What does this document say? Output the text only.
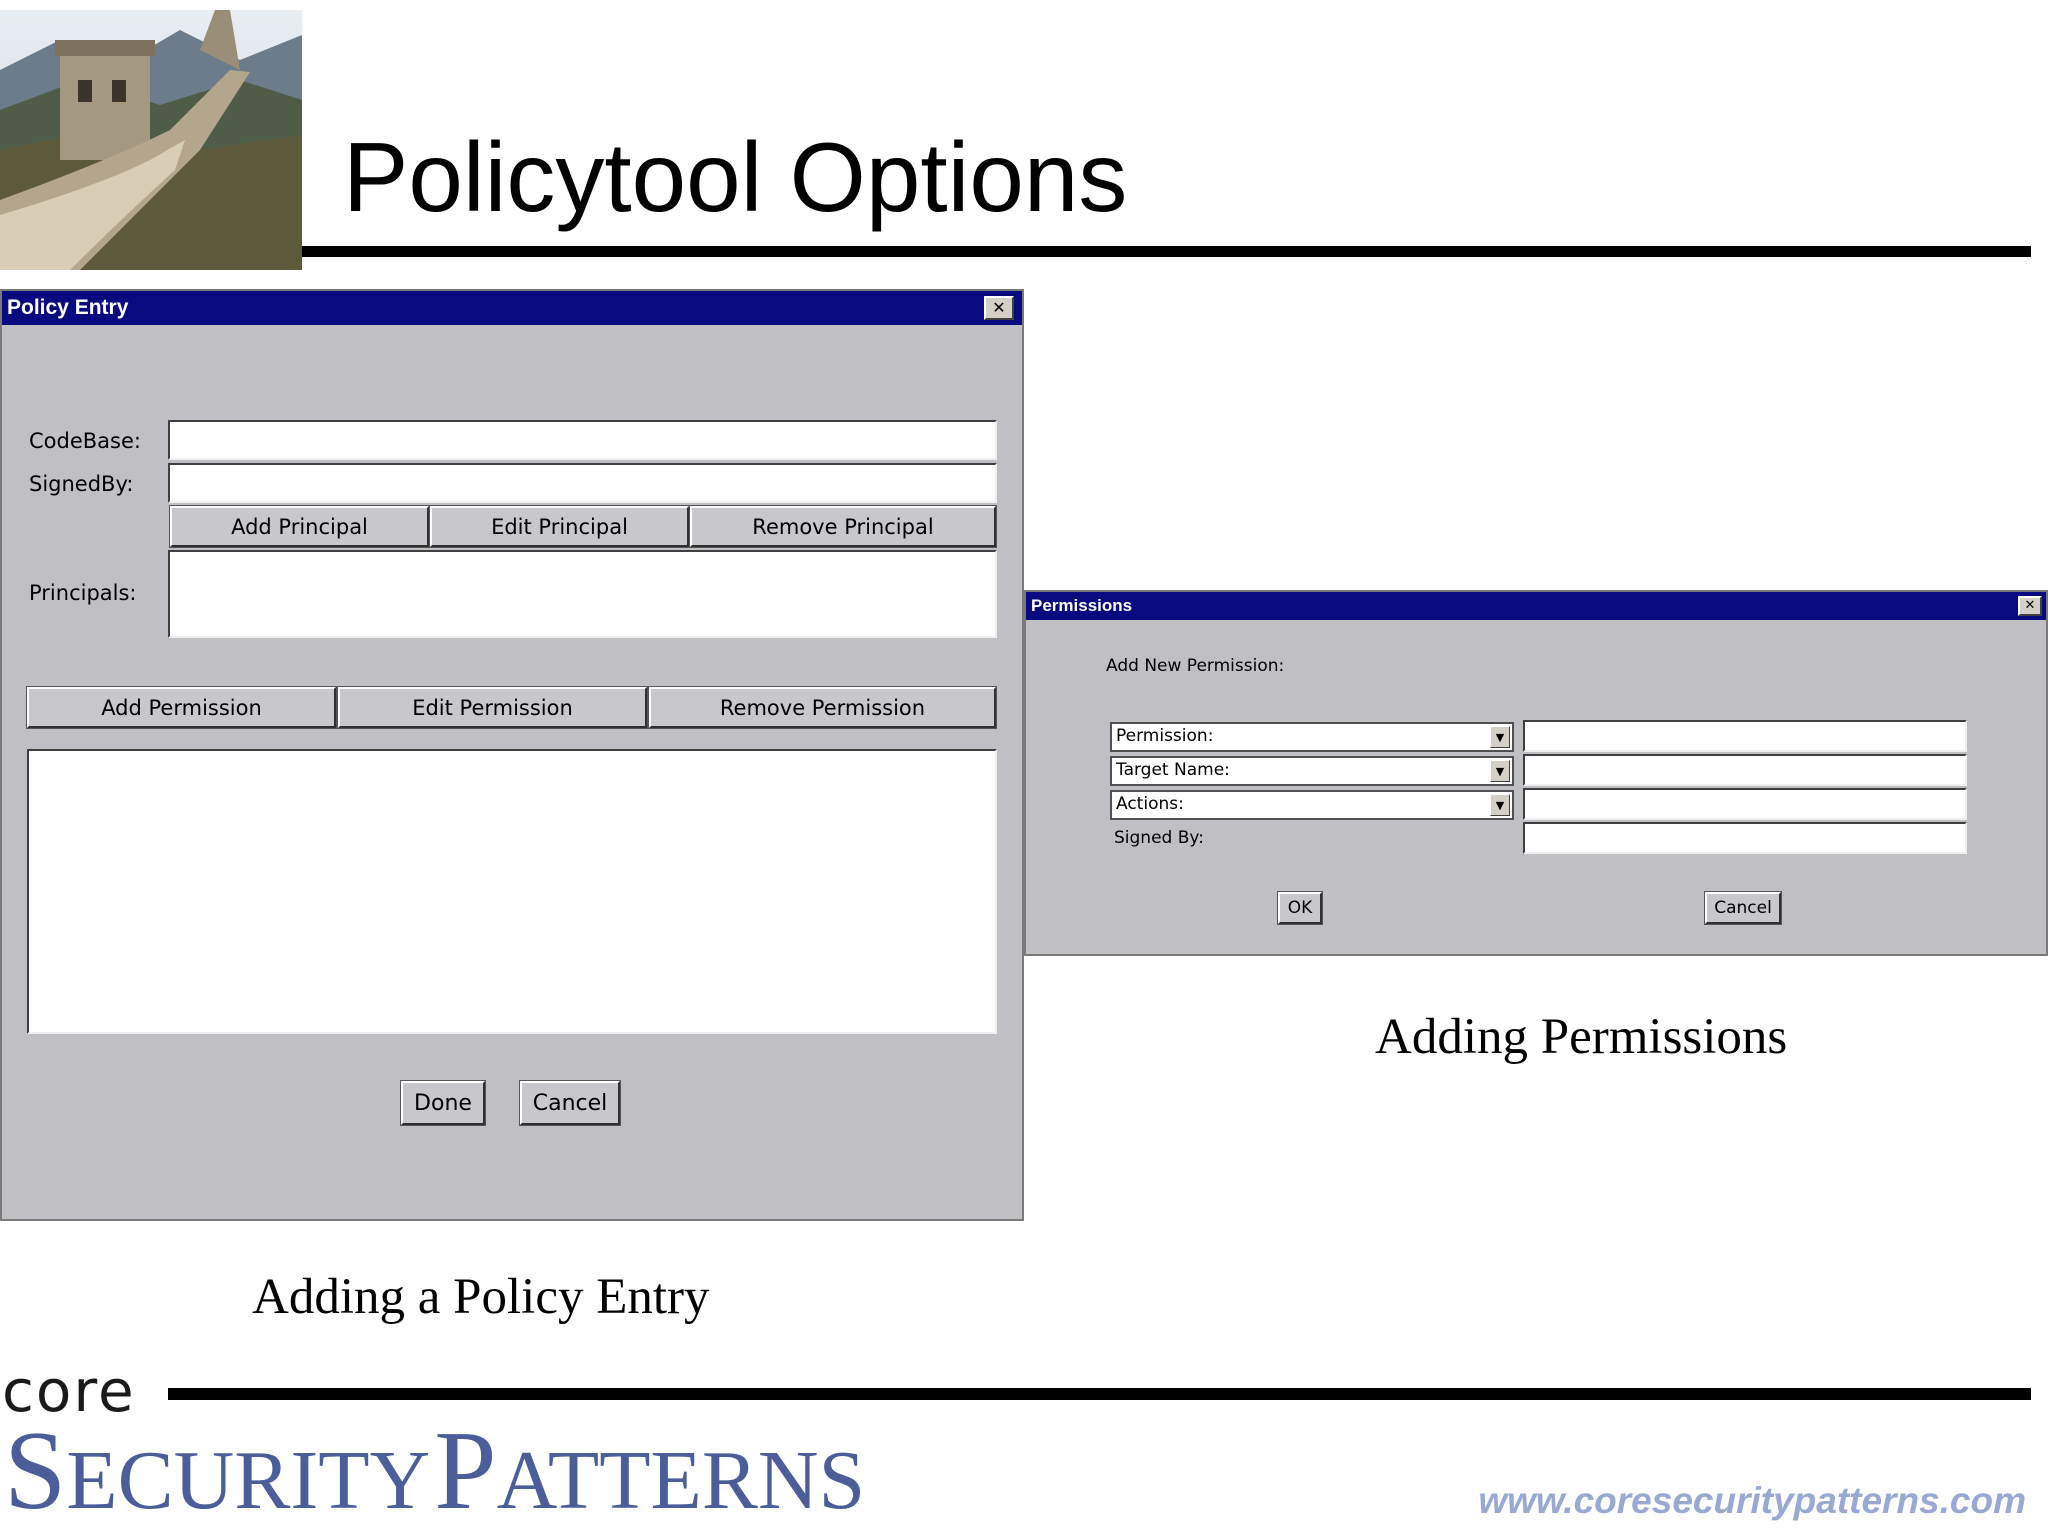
Policytool Options
Policy Entry	✕
CodeBase:
SignedBy:
Add Principal	Edit Principal	Remove Principal
Principals:
Add Permission	Edit Permission	Remove Permission
Done	Cancel
Permissions	✕
Add New Permission:
Permission:	▼
Target Name:	▼
Actions:	▼
Signed By:
OK	Cancel
Adding a Policy Entry
Adding Permissions
core
SECURITY PATTERNS	www.coresecuritypatterns.com
